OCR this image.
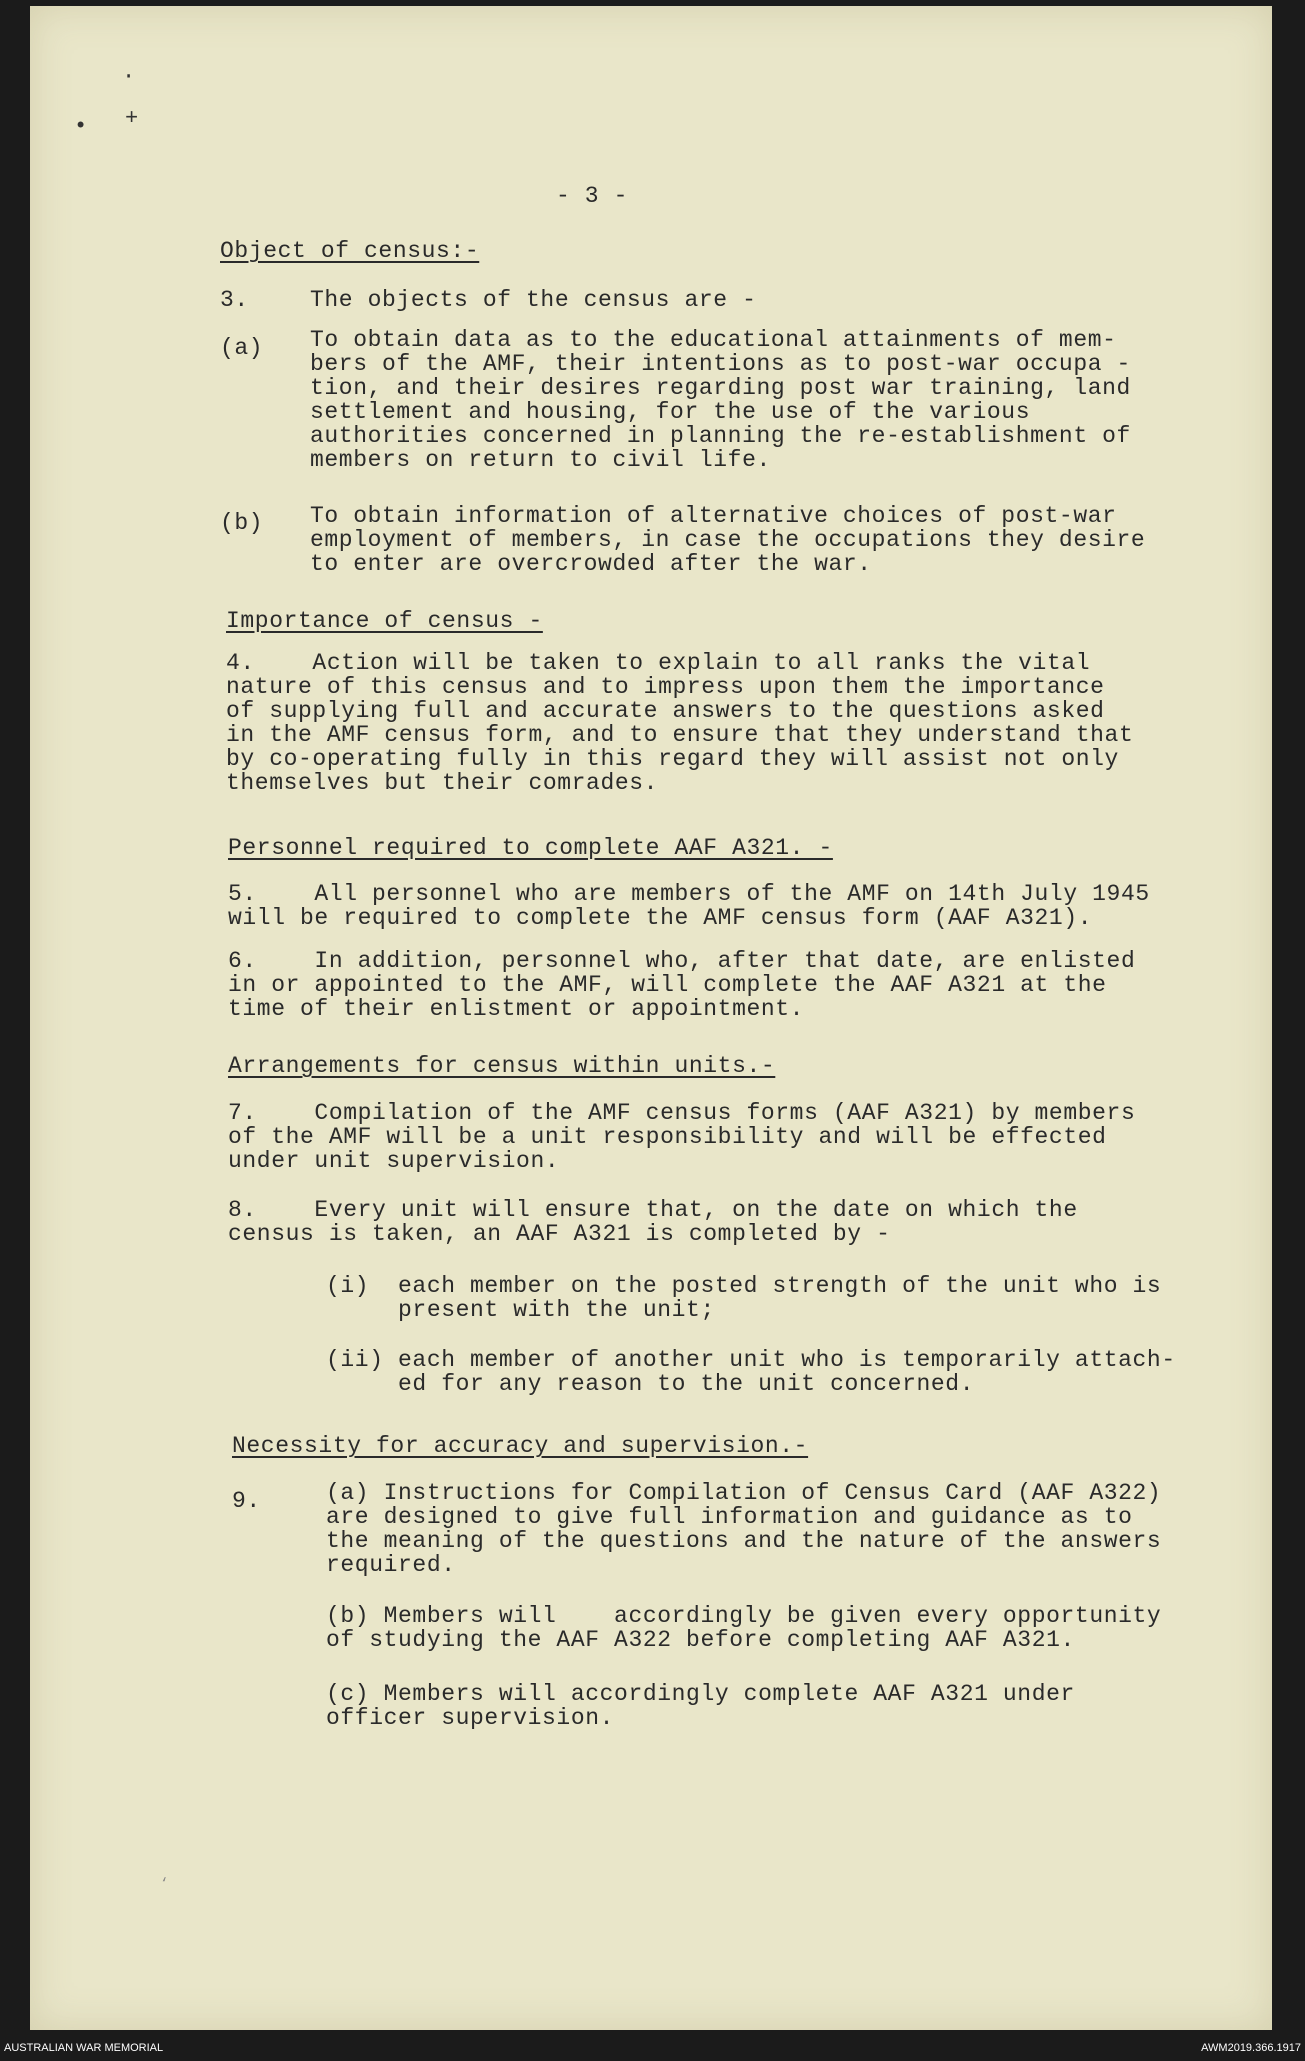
·
• +
- 3 -
Object of census:-
3.	The objects of the census are -
(a) To obtain data as to the educational attainments of mem-
bers of the AMF, their intentions as to post-war occupa -
tion, and their desires regarding post war training, land
settlement and housing, for the use of the various
authorities concerned in planning the re-establishment of
members on return to civil life.
(b) To obtain information of alternative choices of post-war
employment of members, in case the occupations they desire
to enter are overcrowded after the war.
Importance of census -
4.    Action will be taken to explain to all ranks the vital
nature of this census and to impress upon them the importance
of supplying full and accurate answers to the questions asked
in the AMF census form, and to ensure that they understand that
by co-operating fully in this regard they will assist not only
themselves but their comrades.
Personnel required to complete AAF A321. -
5.    All personnel who are members of the AMF on 14th July 1945
will be required to complete the AMF census form (AAF A321).
6.    In addition, personnel who, after that date, are enlisted
in or appointed to the AMF, will complete the AAF A321 at the
time of their enlistment or appointment.
Arrangements for census within units.-
7.    Compilation of the AMF census forms (AAF A321) by members
of the AMF will be a unit responsibility and will be effected
under unit supervision.
8.    Every unit will ensure that, on the date on which the
census is taken, an AAF A321 is completed by -
(i)  each member on the posted strength of the unit who is
present with the unit;
(ii) each member of another unit who is temporarily attach-
ed for any reason to the unit concerned.
Necessity for accuracy and supervision.-
9.	(a) Instructions for Compilation of Census Card (AAF A322)
are designed to give full information and guidance as to
the meaning of the questions and the nature of the answers
required.
(b) Members will    accordingly be given every opportunity
of studying the AAF A322 before completing AAF A321.
(c) Members will accordingly complete AAF A321 under
officer supervision.
‘
AUSTRALIAN WAR MEMORIAL	AWM2019.366.1917
